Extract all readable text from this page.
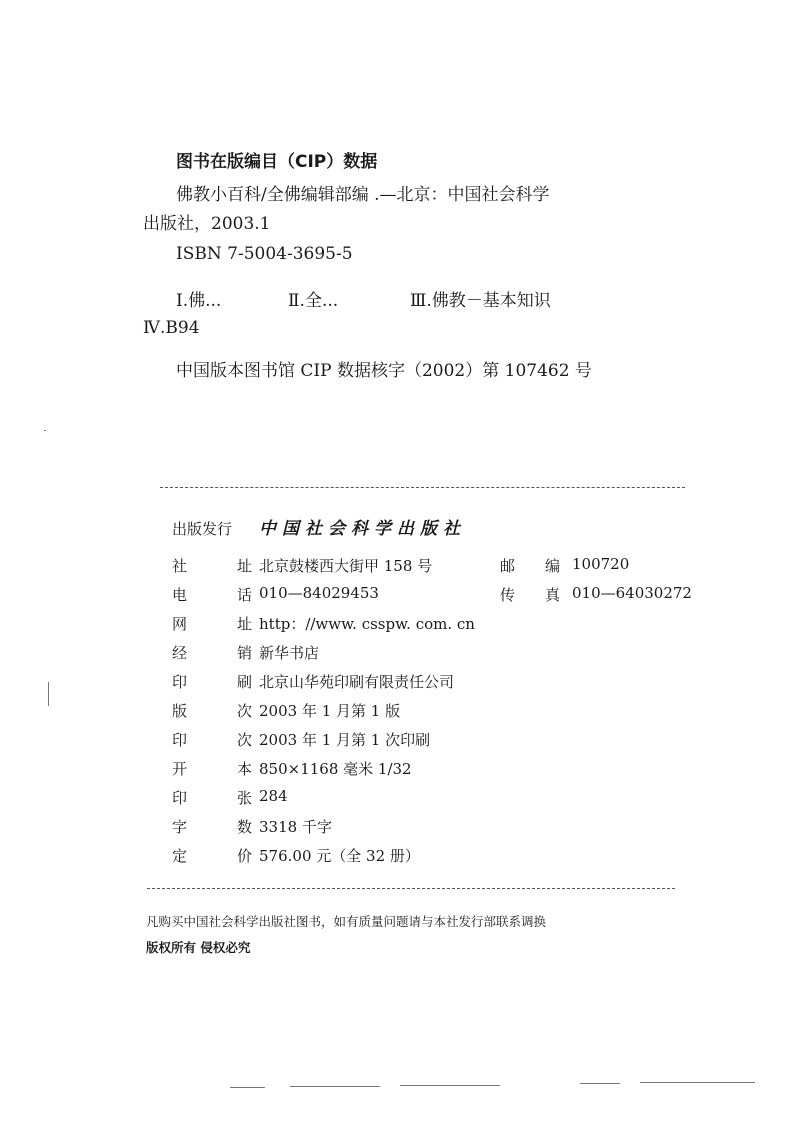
图书在版编目（CIP）数据
佛教小百科/全佛编辑部编 .—北京：中国社会科学
出版社，2003.1
ISBN 7-5004-3695-5
Ⅰ.佛...	Ⅱ.全...	Ⅲ.佛教－基本知识
Ⅳ.B94
中国版本图书馆 CIP 数据核字（2002）第 107462 号
出版发行 中国社会科学出版社
社	址 北京鼓楼西大街甲 158 号	邮 编 100720
电	话 010—84029453	传 真 010—64030272
网	址 http：//www. csspw. com. cn
经	销 新华书店
印	刷 北京山华苑印刷有限责任公司
版	次 2003 年 1 月第 1 版
印	次 2003 年 1 月第 1 次印刷
开	本 850×1168 毫米 1/32
印	张 284
字	数 3318 千字
定	价 576.00 元（全 32 册）
凡购买中国社会科学出版社图书，如有质量问题请与本社发行部联系调换
版权所有 侵权必究
